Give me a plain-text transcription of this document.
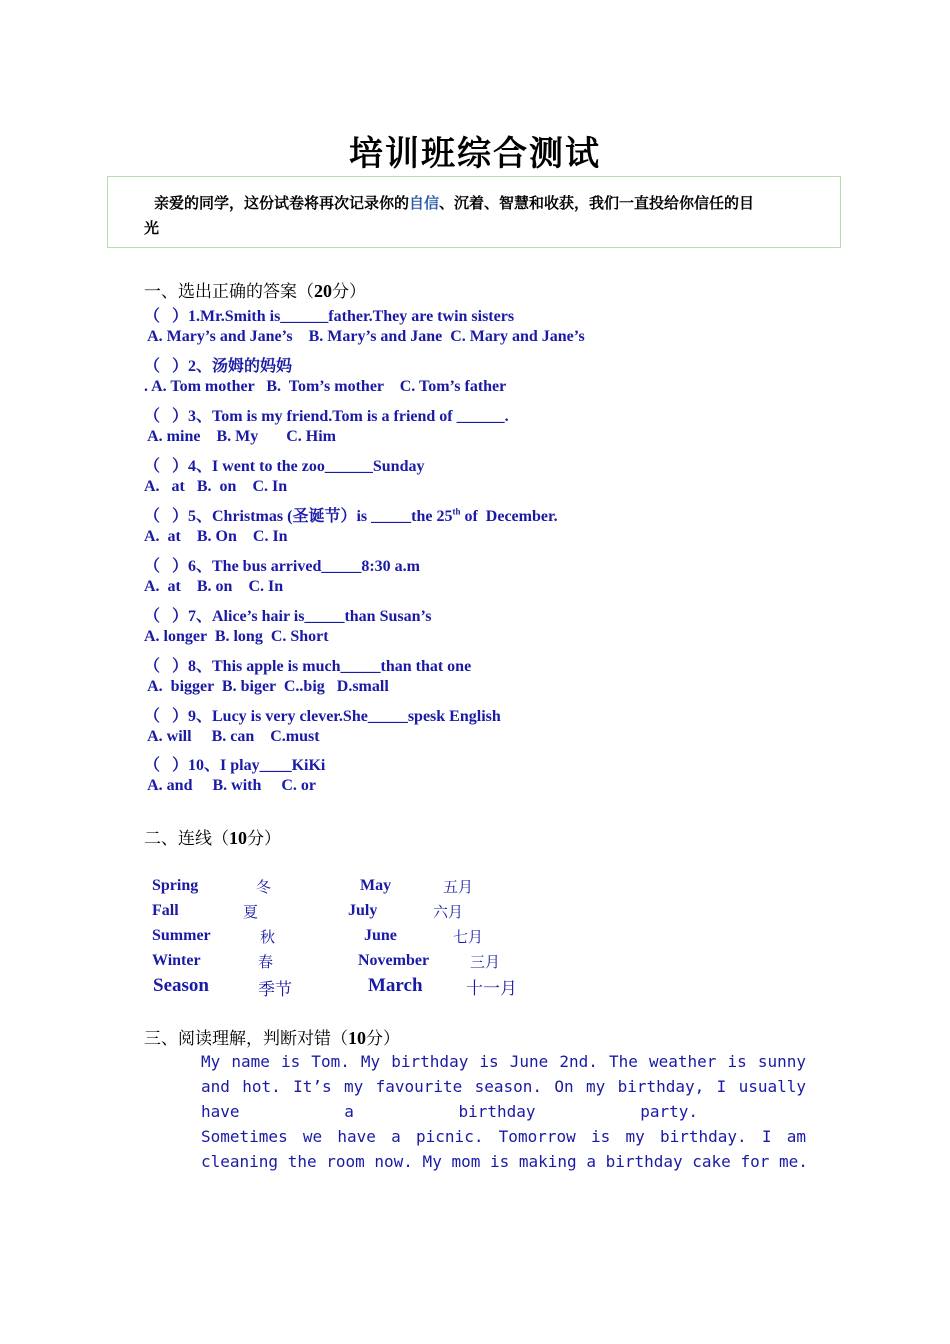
培训班综合测试
亲爱的同学，这份试卷将再次记录你的自信、沉着、智慧和收获，我们一直投给你信任的目
光
一、选出正确的答案（20分）
（   ）1.Mr.Smith is______father.They are twin sisters
A. Mary’s and Jane’s    B. Mary’s and Jane  C. Mary and Jane’s
（   ）2、汤姆的妈妈
. A. Tom mother   B.  Tom’s mother    C. Tom’s father
（   ）3、Tom is my friend.Tom is a friend of ______.
A. mine    B. My       C. Him
（   ）4、I went to the zoo______Sunday
A.   at   B.  on    C. In
（   ）5、Christmas (圣诞节）is _____the 25th of  December.
A.  at    B. On    C. In
（   ）6、The bus arrived_____8:30 a.m
A.  at    B. on    C. In
（   ）7、Alice’s hair is_____than Susan’s
A. longer  B. long  C. Short
（   ）8、This apple is much_____than that one
A.  bigger  B. biger  C..big   D.small
（   ）9、Lucy is very clever.She_____spesk English
A. will     B. can    C.must
（   ）10、I play____KiKi
A. and     B. with     C. or
二、连线（10分）
Spring	冬	May	五月
Fall	夏	July	六月
Summer	秋	June	七月
Winter	春	November	三月
Season	季节	March	十一月
三、阅读理解，判断对错（10分）
My name is Tom. My birthday is June 2nd. The weather is sunny
and hot. It’s my favourite season. On my birthday, I usually
have a birthday party.
Sometimes we have a picnic. Tomorrow is my birthday. I am
cleaning the room now. My mom is making a birthday cake for me.
